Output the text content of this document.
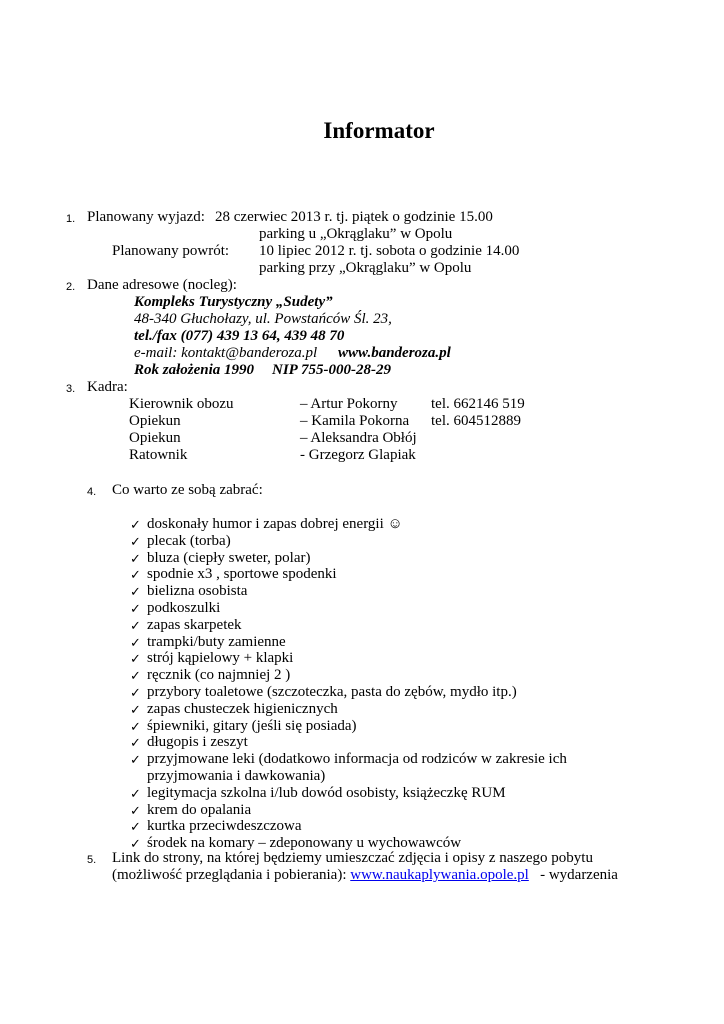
Informator
1. Planowany wyjazd: 28 czerwiec 2013 r. tj. piątek o godzinie 15.00
parking u „Okrąglaku” w Opolu
Planowany powrót: 10 lipiec 2012 r. tj. sobota o godzinie 14.00
parking przy „Okrąglaku” w Opolu
2. Dane adresowe (nocleg):
Kompleks Turystyczny „Sudety”
48-340 Głuchołazy, ul. Powstańców Śl. 23,
tel./fax (077) 439 13 64, 439 48 70
e-mail: kontakt@banderoza.pl www.banderoza.pl
Rok założenia 1990 NIP 755-000-28-29
3. Kadra:
Kierownik obozu	– Artur Pokorny tel. 662146 519
Opiekun	– Kamila Pokorna tel. 604512889
Opiekun	– Aleksandra Obłój
Ratownik	- Grzegorz Glapiak
4. Co warto ze sobą zabrać:
✓ doskonały humor i zapas dobrej energii ☺
✓ plecak (torba)
✓ bluza (ciepły sweter, polar)
✓ spodnie x3 , sportowe spodenki
✓ bielizna osobista
✓ podkoszulki
✓ zapas skarpetek
✓ trampki/buty zamienne
✓ strój kąpielowy + klapki
✓ ręcznik (co najmniej 2 )
✓ przybory toaletowe (szczoteczka, pasta do zębów, mydło itp.)
✓ zapas chusteczek higienicznych
✓ śpiewniki, gitary (jeśli się posiada)
✓ długopis i zeszyt
✓ przyjmowane leki (dodatkowo informacja od rodziców w zakresie ich
przyjmowania i dawkowania)
✓ legitymacja szkolna i/lub dowód osobisty, książeczkę RUM
✓ krem do opalania
✓ kurtka przeciwdeszczowa
✓ środek na komary – zdeponowany u wychowawców
5. Link do strony, na której będziemy umieszczać zdjęcia i opisy z naszego pobytu
(możliwość przeglądania i pobierania): www.naukaplywania.opole.pl   - wydarzenia
